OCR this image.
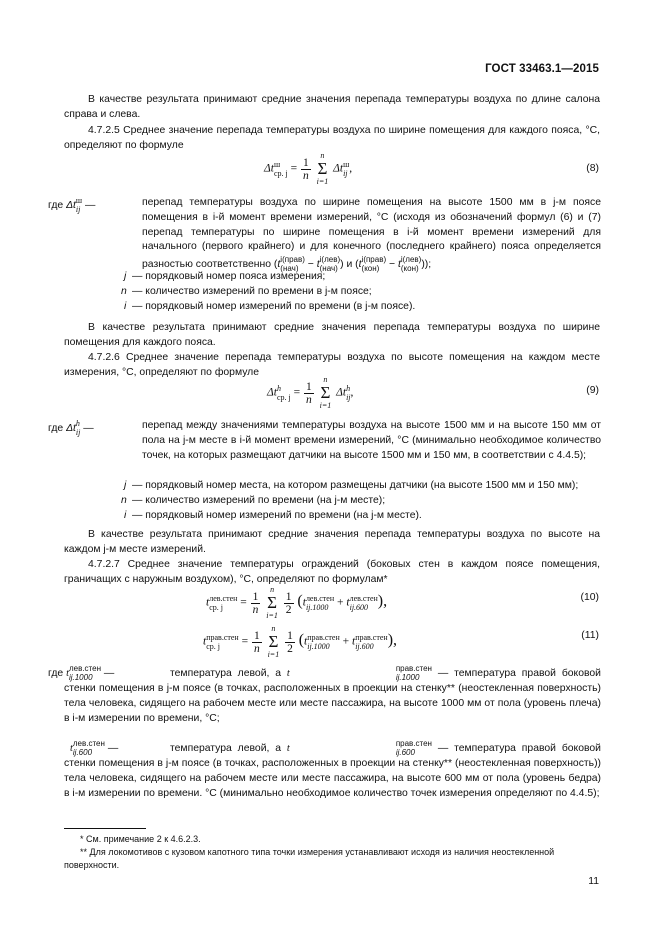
ГОСТ 33463.1—2015
В качестве результата принимают средние значения перепада температуры воздуха по длине салона справа и слева.
4.7.2.5 Среднее значение перепада температуры воздуха по ширине помещения для каждого пояса, °С, определяют по формуле
Δt ш
ср. $j = \frac{1}{n}$

n
Σ
i=1
Δt ш
ij ,	(8)
где Δt ш
ij —	перепад температуры воздуха по ширине помещения на высоте 1500 мм в j-м поясе помещения в i-й момент времени измерений, °С (исходя из обозначений формул (6) и (7) перепад температуры по ширине помещения в i-й момент времени измерений для начального (первого крайнего) и для конечного (последнего крайнего) пояса определяется разностью соответственно (t i(прав)
(нач) − t i(лев)
(нач) ) и (t i(прав)
(кон) − t i(лев)
(кон) ));
j — порядковый номер пояса измерения;
n — количество измерений по времени в j-м поясе;
i — порядковый номер измерений по времени (в j-м поясе).
В качестве результата принимают средние значения перепада температуры воздуха по ширине помещения для каждого пояса.
4.7.2.6 Среднее значение перепада температуры воздуха по высоте помещения на каждом месте измерения, °С, определяют по формуле
Δt h
ср. $j = \frac{1}{n}$

n
Σ
i=1
Δt h
ij ,	(9)
где Δt h
ij —	перепад между значениями температуры воздуха на высоте 1500 мм и на высоте 150 мм от пола на j-м месте в i-й момент времени измерений, °С (минимально необходимое количество точек, на которых размещают датчики на высоте 1500 мм и 150 мм, в соответствии с 4.4.5);
j — порядковый номер места, на котором размещены датчики (на высоте 1500 мм и 150 мм);
n — количество измерений по времени (на j-м месте);
i — порядковый номер измерений по времени (на j-м месте).
В качестве результата принимают средние значения перепада температуры воздуха по высоте на каждом j-м месте измерений.
4.7.2.7 Среднее значение температуры ограждений (боковых стен в каждом поясе помещения, граничащих с наружным воздухом), °С, определяют по формулам*
t лев.стен
ср. j	= $\frac{1}{n}$

n
Σ
i=1
$\frac{1}{2} (t$ лев.стен
ij.1000 + t лев.стен
ij.600 ),	(10)
t прав.стен
ср. j	= $\frac{1}{n}$

n
Σ
i=1
$\frac{1}{2} (t$ прав.стен
ij.1000 + t прав.стен
ij.600 ),	(11)
где t лев.стен
ij.1000	—	температура левой, а t	прав.стен
ij.1000	— температура правой боковой стенки помещения в j-м поясе (в точках, расположенных в проекции на стенку** (неостекленная поверхность) тела человека, сидящего на рабочем месте или месте пассажира, на высоте 1000 мм от пола (уровень плеча) в i-м измерении по времени, °С;
t лев.стен
ij.600	—	температура левой, а t	прав.стен
ij.600	— температура правой боковой стенки помещения в j-м поясе (в точках, расположенных в проекции на стенку** (неостекленная поверхность)) тела человека, сидящего на рабочем месте или месте пассажира, на высоте 600 мм от пола (уровень бедра) в i-м измерении по времени. °С (минимально необходимое количество точек измерения определяют по 4.4.5);
* См. примечание 2 к 4.6.2.3.
** Для локомотивов с кузовом капотного типа точки измерения устанавливают исходя из наличия неостекленной поверхности.
11
